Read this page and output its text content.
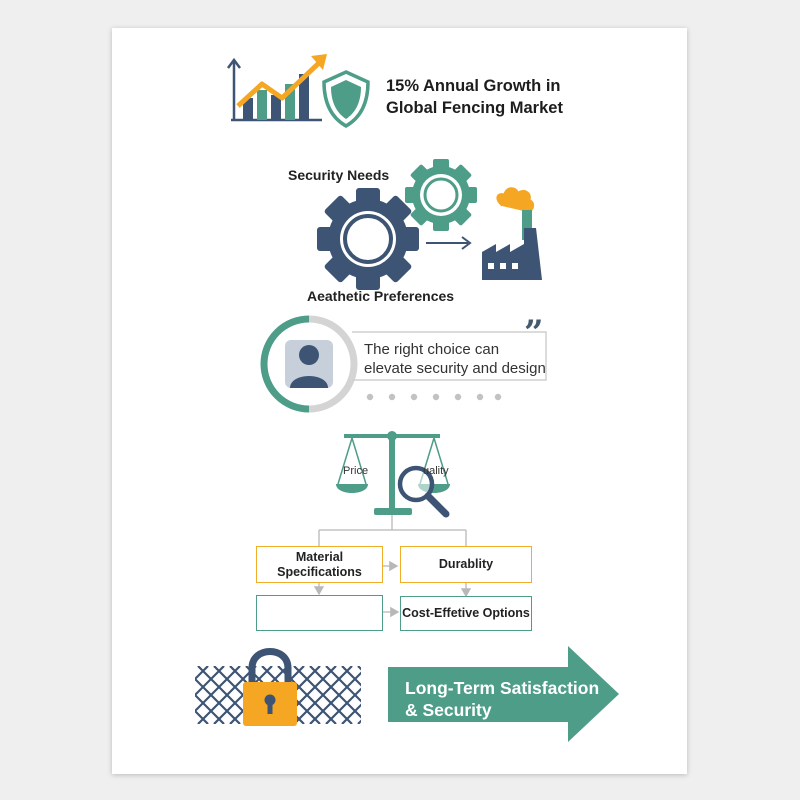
15% Annual Growth in Global Fencing Market
Security Needs
Aeathetic Preferences
”
The right choice can elevate security and design
Price	uality
Material Specifications
Durablity
Cost-Effetive Options
Long-Term Satisfaction & Security
